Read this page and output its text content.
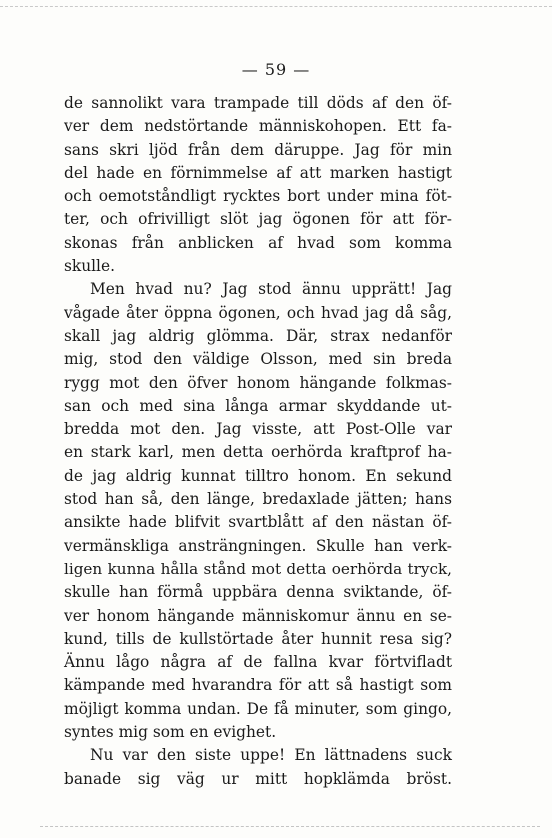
— 59 —
de sannolikt vara trampade till döds af den öf-
ver dem nedstörtande människohopen. Ett fa-
sans skri ljöd från dem däruppe. Jag för min
del hade en förnimmelse af att marken hastigt
och oemotståndligt rycktes bort under mina föt-
ter, och ofrivilligt slöt jag ögonen för att för-
skonas från anblicken af hvad som komma
skulle.
Men hvad nu? Jag stod ännu upprätt! Jag
vågade åter öppna ögonen, och hvad jag då såg,
skall jag aldrig glömma. Där, strax nedanför
mig, stod den väldige Olsson, med sin breda
rygg mot den öfver honom hängande folkmas-
san och med sina långa armar skyddande ut-
bredda mot den. Jag visste, att Post-Olle var
en stark karl, men detta oerhörda kraftprof ha-
de jag aldrig kunnat tilltro honom. En sekund
stod han så, den länge, bredaxlade jätten; hans
ansikte hade blifvit svartblått af den nästan öf-
vermänskliga ansträngningen. Skulle han verk-
ligen kunna hålla stånd mot detta oerhörda tryck,
skulle han förmå uppbära denna sviktande, öf-
ver honom hängande människomur ännu en se-
kund, tills de kullstörtade åter hunnit resa sig?
Ännu lågo några af de fallna kvar förtvifladt
kämpande med hvarandra för att så hastigt som
möjligt komma undan. De få minuter, som gingo,
syntes mig som en evighet.
Nu var den siste uppe! En lättnadens suck
banade sig väg ur mitt hopklämda bröst.
